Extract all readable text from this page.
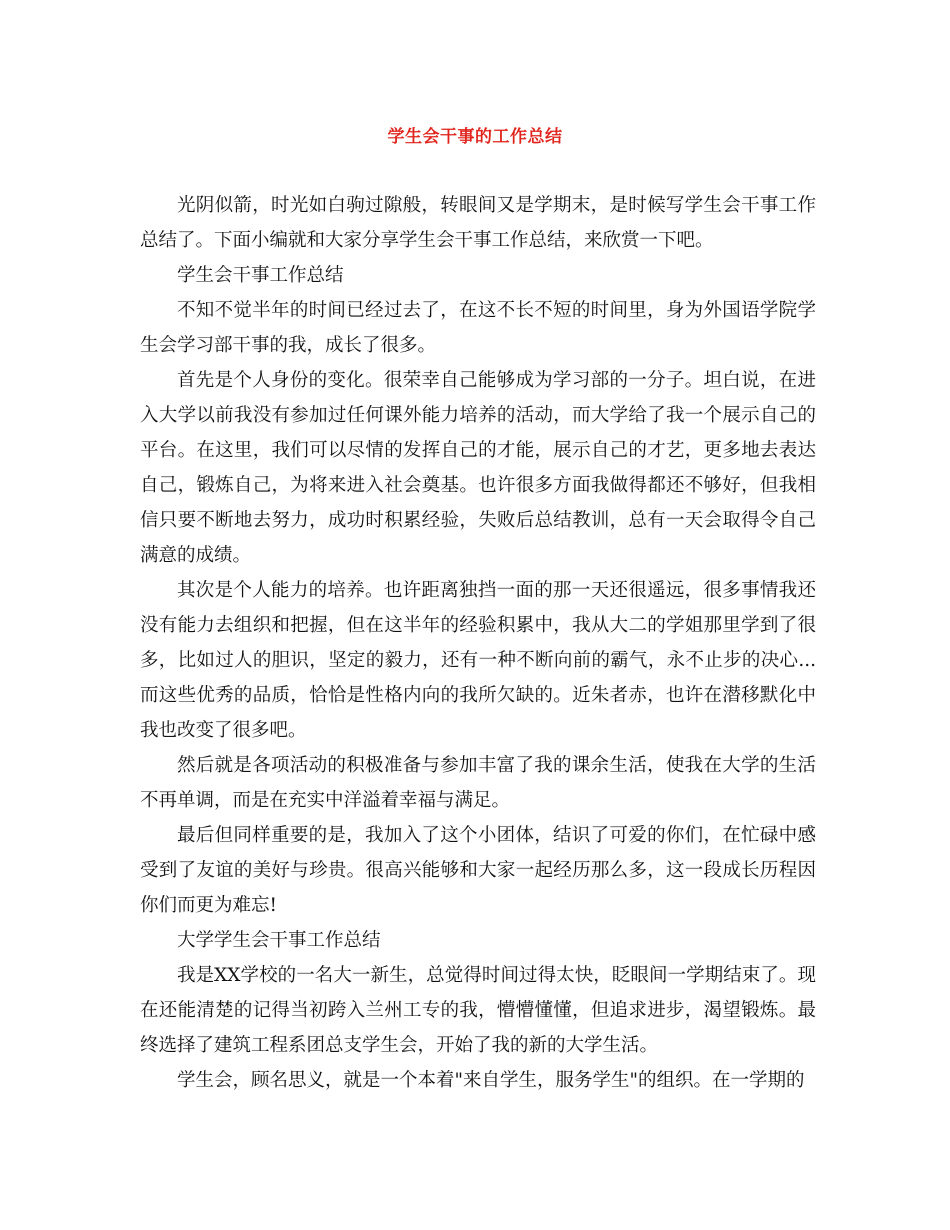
学生会干事的工作总结

光阴似箭，时光如白驹过隙般，转眼间又是学期末，是时候写学生会干事工作总结了。下面小编就和大家分享学生会干事工作总结，来欣赏一下吧。

学生会干事工作总结

不知不觉半年的时间已经过去了，在这不长不短的时间里，身为外国语学院学生会学习部干事的我，成长了很多。

首先是个人身份的变化。很荣幸自己能够成为学习部的一分子。坦白说，在进入大学以前我没有参加过任何课外能力培养的活动，而大学给了我一个展示自己的平台。在这里，我们可以尽情的发挥自己的才能，展示自己的才艺，更多地去表达自己，锻炼自己，为将来进入社会奠基。也许很多方面我做得都还不够好，但我相信只要不断地去努力，成功时积累经验，失败后总结教训，总有一天会取得令自己满意的成绩。

其次是个人能力的培养。也许距离独挡一面的那一天还很遥远，很多事情我还没有能力去组织和把握，但在这半年的经验积累中，我从大二的学姐那里学到了很多，比如过人的胆识，坚定的毅力，还有一种不断向前的霸气，永不止步的决心...而这些优秀的品质，恰恰是性格内向的我所欠缺的。近朱者赤，也许在潜移默化中我也改变了很多吧。

然后就是各项活动的积极准备与参加丰富了我的课余生活，使我在大学的生活不再单调，而是在充实中洋溢着幸福与满足。

最后但同样重要的是，我加入了这个小团体，结识了可爱的你们，在忙碌中感受到了友谊的美好与珍贵。很高兴能够和大家一起经历那么多，这一段成长历程因你们而更为难忘!

大学学生会干事工作总结

我是XX学校的一名大一新生，总觉得时间过得太快，眨眼间一学期结束了。现在还能清楚的记得当初跨入兰州工专的我，懵懵懂懂，但追求进步，渴望锻炼。最终选择了建筑工程系团总支学生会，开始了我的新的大学生活。

学生会，顾名思义，就是一个本着"来自学生，服务学生"的组织。在一学期的
